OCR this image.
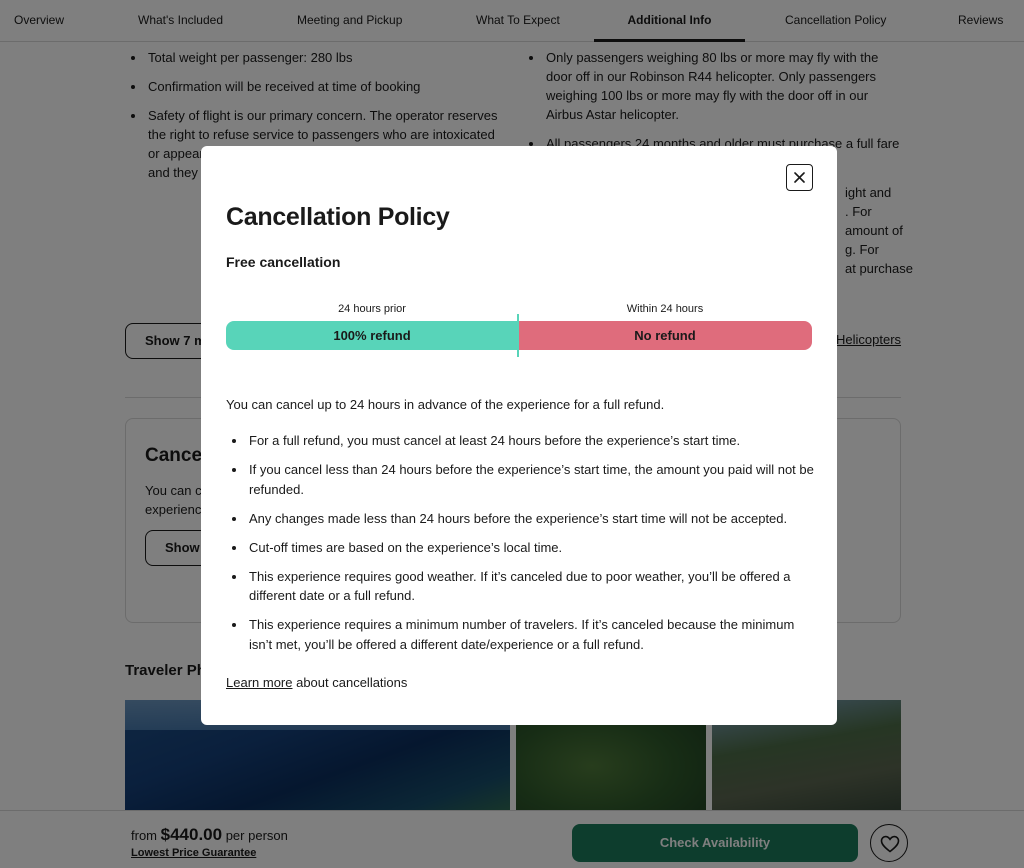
Cancellation Policy
Free cancellation
24 hours prior	Within 24 hours
100% refund	No refund
You can cancel up to 24 hours in advance of the experience for a full refund.
For a full refund, you must cancel at least 24 hours before the experience’s start time.
If you cancel less than 24 hours before the experience’s start time, the amount you paid will not be refunded.
Any changes made less than 24 hours before the experience’s start time will not be accepted.
Cut-off times are based on the experience’s local time.
This experience requires good weather. If it’s canceled due to poor weather, you’ll be offered a different date or a full refund.
This experience requires a minimum number of travelers. If it’s canceled because the minimum isn’t met, you’ll be offered a different date/experience or a full refund.
Learn more about cancellations
